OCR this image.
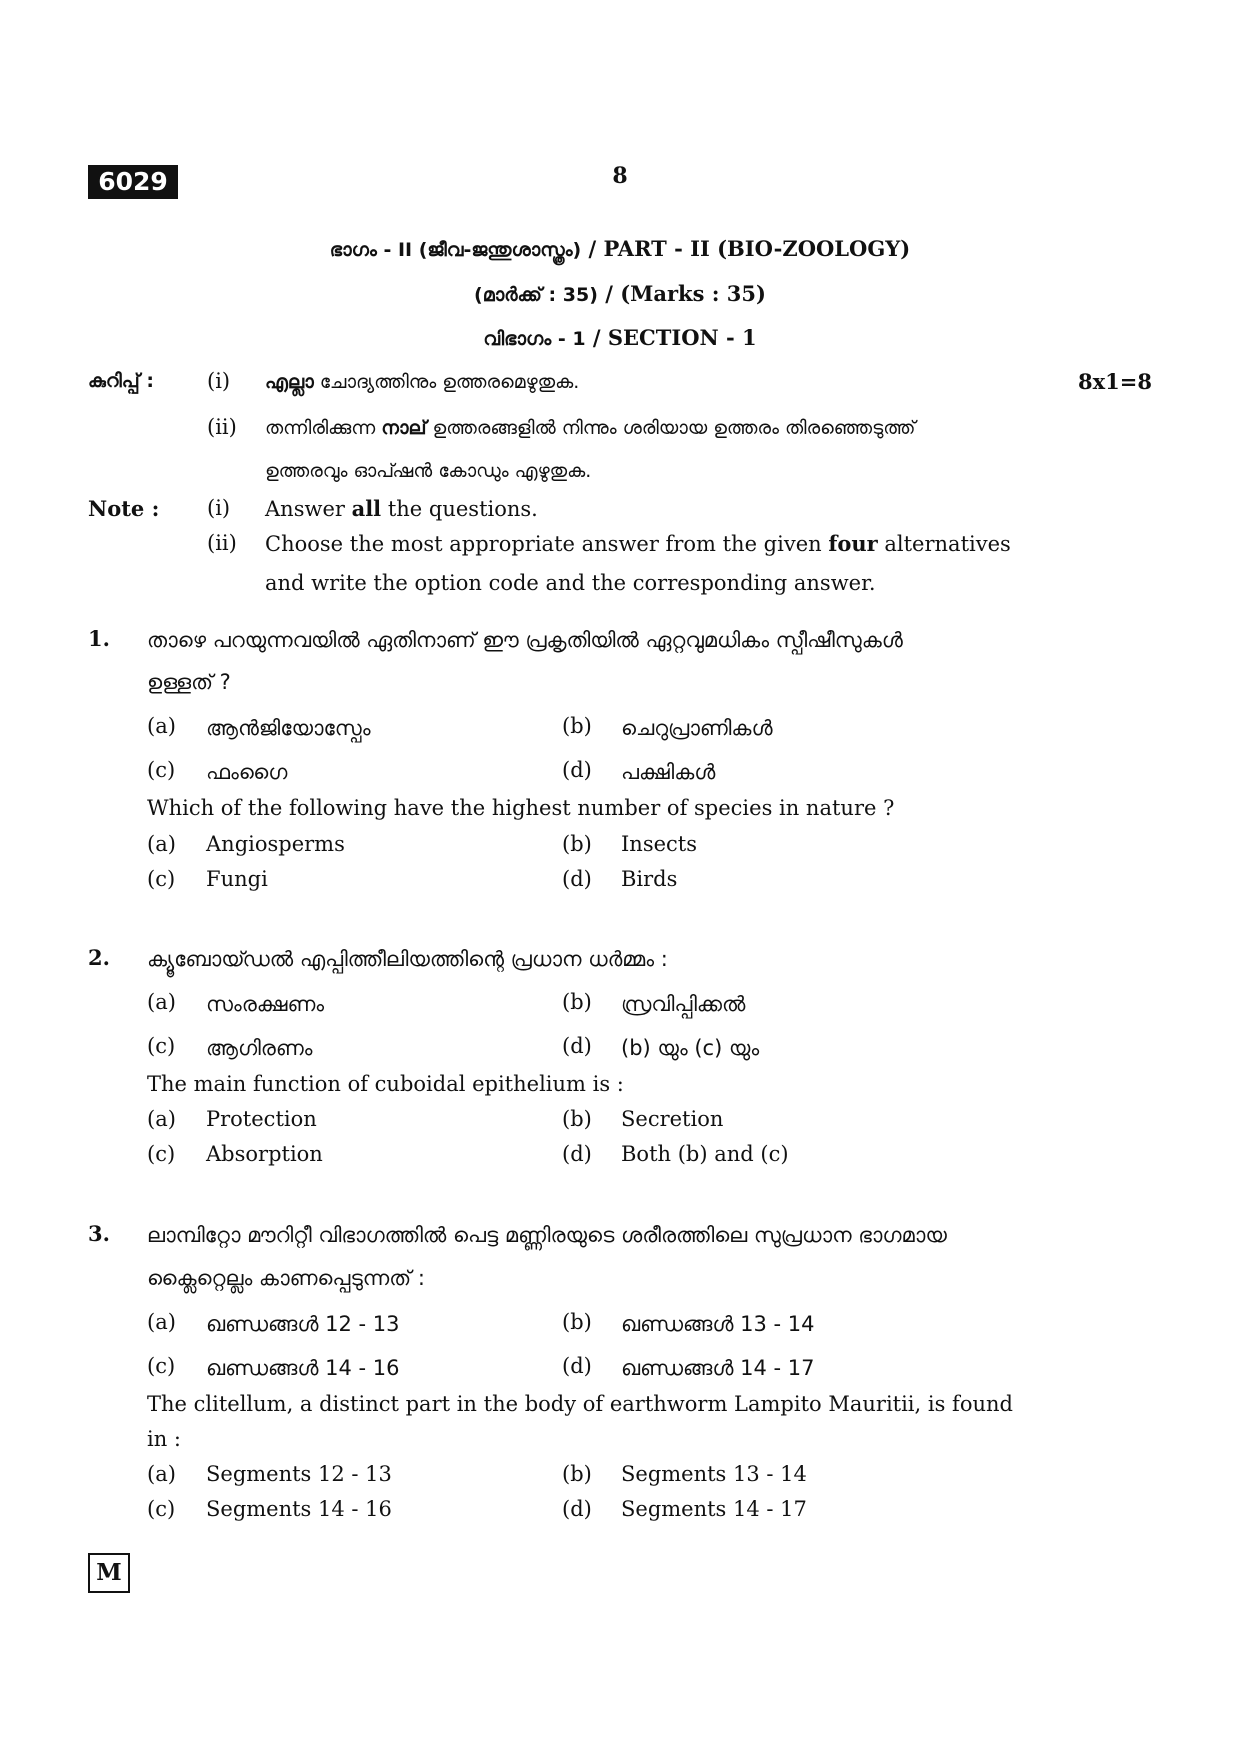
6029	8
ഭാഗം - II (ജീവ-ജന്തുശാസ്ത്രം) / PART - II (BIO-ZOOLOGY)
(മാർക്ക് : 35) / (Marks : 35)
വിഭാഗം - 1 / SECTION - 1
കുറിപ്പ് :	(i) എല്ലാ ചോദ്യത്തിനും ഉത്തരമെഴുതുക.	8x1=8
(ii) തന്നിരിക്കുന്ന നാല് ഉത്തരങ്ങളിൽ നിന്നും ശരിയായ ഉത്തരം തിരഞ്ഞെടുത്ത്
ഉത്തരവും ഓപ്ഷൻ കോഡും എഴുതുക.
Note : (i) Answer all the questions.
(ii) Choose the most appropriate answer from the given four alternatives
and write the option code and the corresponding answer.
1. താഴെ പറയുന്നവയിൽ ഏതിനാണ് ഈ പ്രകൃതിയിൽ ഏറ്റവുമധികം സ്പീഷീസുകൾ
ഉള്ളത് ?
(a) ആൻജിയോസ്പേം	(b) ചെറുപ്രാണികൾ
(c) ഫംഗൈ	(d) പക്ഷികൾ
Which of the following have the highest number of species in nature ?
(a) Angiosperms	(b) Insects
(c) Fungi	(d) Birds
2. ക്യൂബോയ്ഡൽ എപ്പിത്തീലിയത്തിന്റെ പ്രധാന ധർമ്മം :
(a) സംരക്ഷണം	(b) സ്രവിപ്പിക്കൽ
(c) ആഗിരണം	(d) (b) യും (c) യും
The main function of cuboidal epithelium is :
(a) Protection	(b) Secretion
(c) Absorption	(d) Both (b) and (c)
3. ലാമ്പിറ്റോ മൗറിറ്റീ വിഭാഗത്തിൽ പെട്ട മണ്ണിരയുടെ ശരീരത്തിലെ സുപ്രധാന ഭാഗമായ
ക്ലൈറ്റെല്ലം കാണപ്പെടുന്നത് :
(a) ഖണ്ഡങ്ങൾ 12 - 13	(b) ഖണ്ഡങ്ങൾ 13 - 14
(c) ഖണ്ഡങ്ങൾ 14 - 16	(d) ഖണ്ഡങ്ങൾ 14 - 17
The clitellum, a distinct part in the body of earthworm Lampito Mauritii, is found
in :
(a) Segments 12 - 13	(b) Segments 13 - 14
(c) Segments 14 - 16	(d) Segments 14 - 17
M
